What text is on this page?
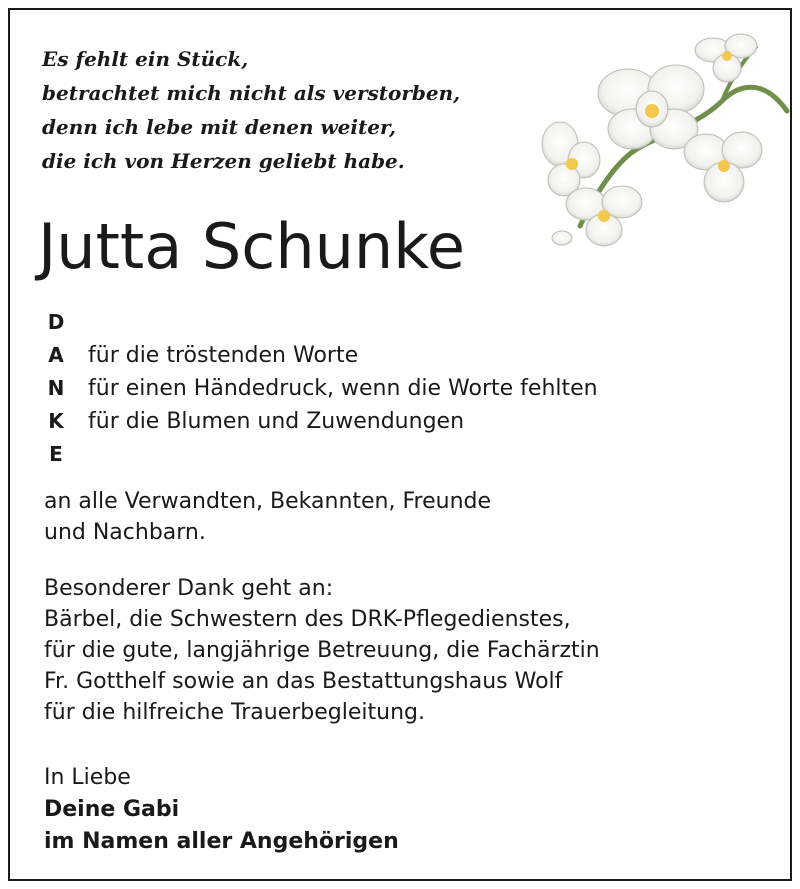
Es fehlt ein Stück,
betrachtet mich nicht als verstorben,
denn ich lebe mit denen weiter,
die ich von Herzen geliebt habe.
Jutta Schunke
D
A für die tröstenden Worte
N für einen Händedruck, wenn die Worte fehlten
K für die Blumen und Zuwendungen
E
an alle Verwandten, Bekannten, Freunde
und Nachbarn.
Besonderer Dank geht an:
Bärbel, die Schwestern des DRK-Pflegedienstes,
für die gute, langjährige Betreuung, die Fachärztin
Fr. Gotthelf sowie an das Bestattungshaus Wolf
für die hilfreiche Trauerbegleitung.
In Liebe
Deine Gabi
im Namen aller Angehörigen
